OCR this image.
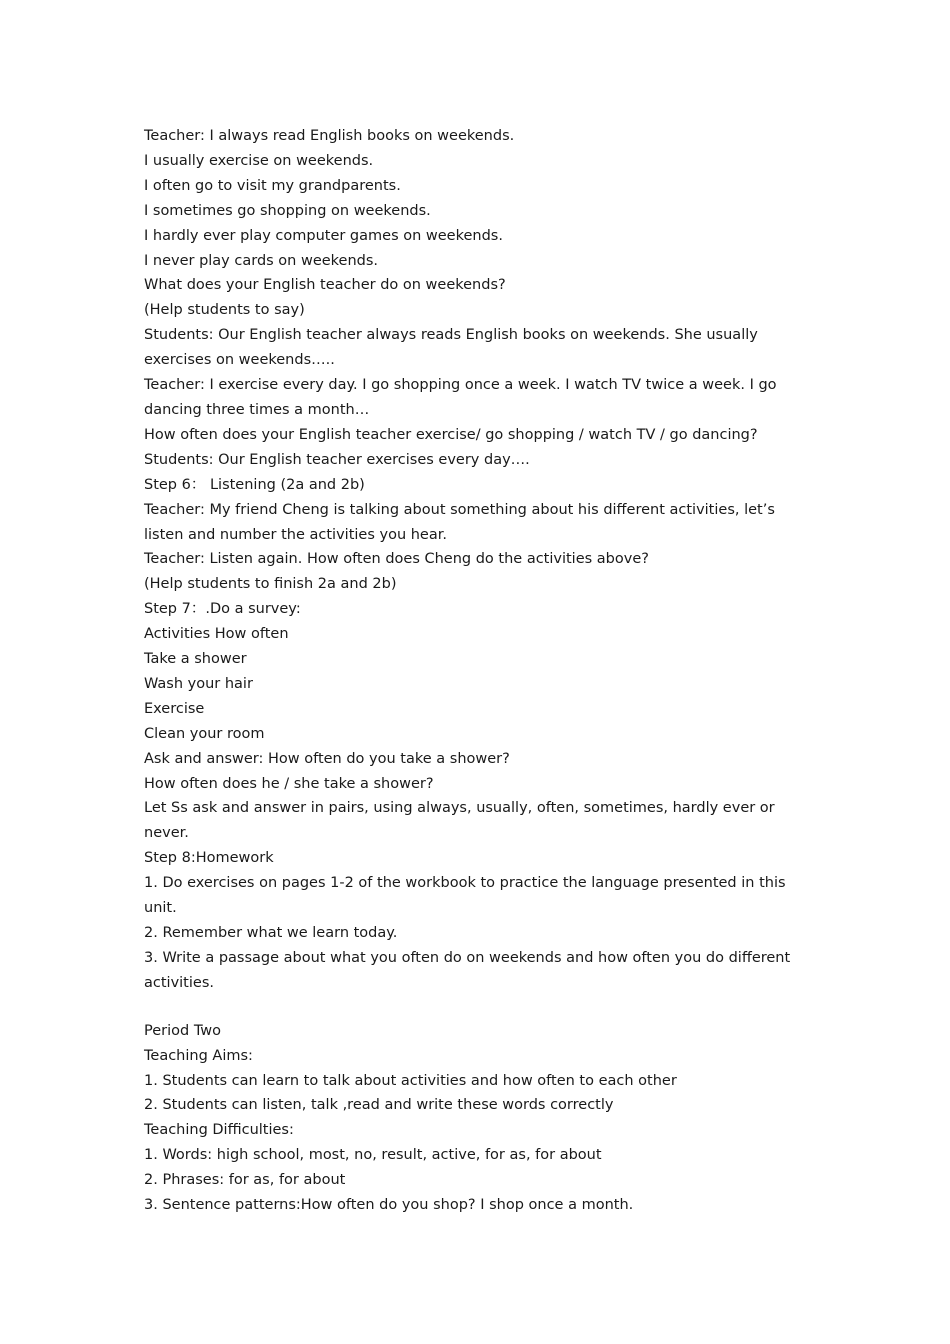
Teacher: I always read English books on weekends.

I usually exercise on weekends.

I often go to visit my grandparents.

I sometimes go shopping on weekends.

I hardly ever play computer games on weekends.

I never play cards on weekends.

What does your English teacher do on weekends?

(Help students to say)

Students: Our English teacher always reads English books on weekends. She usually exercises on weekends…..

Teacher: I exercise every day. I go shopping once a week. I watch TV twice a week. I go dancing three times a month…

How often does your English teacher exercise/ go shopping / watch TV / go dancing?

Students: Our English teacher exercises every day….

Step 6： Listening (2a and 2b)

Teacher: My friend Cheng is talking about something about his different activities, let’s listen and number the activities you hear.

Teacher: Listen again. How often does Cheng do the activities above?

(Help students to finish 2a and 2b)

Step 7：.Do a survey:

Activities How often

Take a shower

Wash your hair

Exercise

Clean your room

Ask and answer: How often do you take a shower?

How often does he / she take a shower?

Let Ss ask and answer in pairs, using always, usually, often, sometimes, hardly ever or never.

Step 8:Homework

1. Do exercises on pages 1-2 of the workbook to practice the language presented in this unit.

2. Remember what we learn today.

3. Write a passage about what you often do on weekends and how often you do different activities.

Period Two

Teaching Aims:

1. Students can learn to talk about activities and how often to each other

2. Students can listen, talk ,read and write these words correctly

Teaching Difficulties:

1. Words: high school, most, no, result, active, for as, for about

2. Phrases: for as, for about

3. Sentence patterns:How often do you shop? I shop once a month.
